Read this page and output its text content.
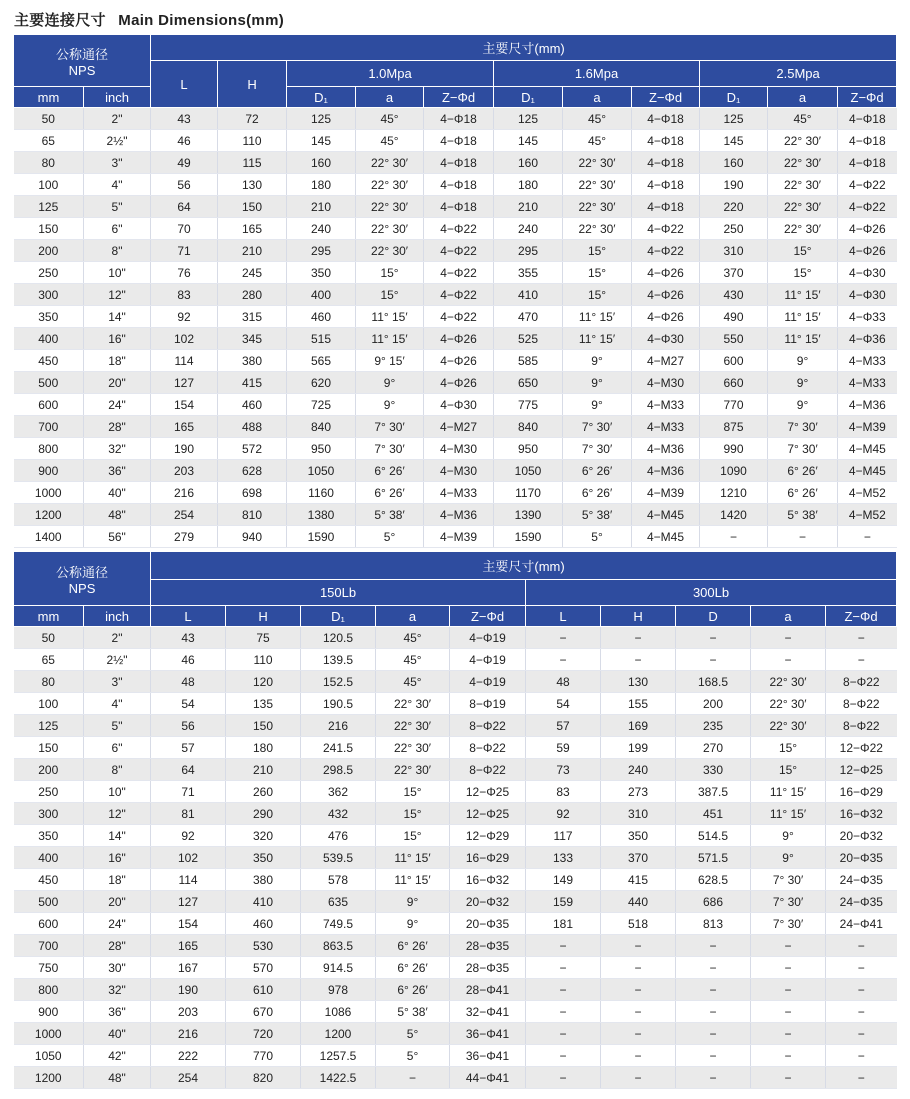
主要连接尺寸 Main Dimensions(mm)
公称通径
NPS		主要尺寸(mm)										
		L	H	1.0Mpa			1.6Mpa			2.5Mpa		
mm	inch			D₁	a	Z−Φd	D₁	a	Z−Φd	D₁	a	Z−Φd
50	2"	43	72	125	45°	4−Φ18	125	45°	4−Φ18	125	45°	4−Φ18
65	2½"	46	110	145	45°	4−Φ18	145	45°	4−Φ18	145	22° 30′	4−Φ18
80	3"	49	115	160	22° 30′	4−Φ18	160	22° 30′	4−Φ18	160	22° 30′	4−Φ18
100	4"	56	130	180	22° 30′	4−Φ18	180	22° 30′	4−Φ18	190	22° 30′	4−Φ22
125	5"	64	150	210	22° 30′	4−Φ18	210	22° 30′	4−Φ18	220	22° 30′	4−Φ22
150	6"	70	165	240	22° 30′	4−Φ22	240	22° 30′	4−Φ22	250	22° 30′	4−Φ26
200	8"	71	210	295	22° 30′	4−Φ22	295	15°	4−Φ22	310	15°	4−Φ26
250	10"	76	245	350	15°	4−Φ22	355	15°	4−Φ26	370	15°	4−Φ30
300	12"	83	280	400	15°	4−Φ22	410	15°	4−Φ26	430	11° 15′	4−Φ30
350	14"	92	315	460	11° 15′	4−Φ22	470	11° 15′	4−Φ26	490	11° 15′	4−Φ33
400	16"	102	345	515	11° 15′	4−Φ26	525	11° 15′	4−Φ30	550	11° 15′	4−Φ36
450	18"	114	380	565	9° 15′	4−Φ26	585	9°	4−M27	600	9°	4−M33
500	20"	127	415	620	9°	4−Φ26	650	9°	4−M30	660	9°	4−M33
600	24"	154	460	725	9°	4−Φ30	775	9°	4−M33	770	9°	4−M36
700	28"	165	488	840	7° 30′	4−M27	840	7° 30′	4−M33	875	7° 30′	4−M39
800	32"	190	572	950	7° 30′	4−M30	950	7° 30′	4−M36	990	7° 30′	4−M45
900	36"	203	628	1050	6° 26′	4−M30	1050	6° 26′	4−M36	1090	6° 26′	4−M45
1000	40"	216	698	1160	6° 26′	4−M33	1170	6° 26′	4−M39	1210	6° 26′	4−M52
1200	48"	254	810	1380	5° 38′	4−M36	1390	5° 38′	4−M45	1420	5° 38′	4−M52
1400	56"	279	940	1590	5°	4−M39	1590	5°	4−M45	−	−	−
公称通径
NPS		主要尺寸(mm)									
		150Lb					300Lb				
mm	inch	L	H	D₁	a	Z−Φd	L	H	D	a	Z−Φd
50	2"	43	75	120.5	45°	4−Φ19	−	−	−	−	−
65	2½"	46	110	139.5	45°	4−Φ19	−	−	−	−	−
80	3"	48	120	152.5	45°	4−Φ19	48	130	168.5	22° 30′	8−Φ22
100	4"	54	135	190.5	22° 30′	8−Φ19	54	155	200	22° 30′	8−Φ22
125	5"	56	150	216	22° 30′	8−Φ22	57	169	235	22° 30′	8−Φ22
150	6"	57	180	241.5	22° 30′	8−Φ22	59	199	270	15°	12−Φ22
200	8"	64	210	298.5	22° 30′	8−Φ22	73	240	330	15°	12−Φ25
250	10"	71	260	362	15°	12−Φ25	83	273	387.5	11° 15′	16−Φ29
300	12"	81	290	432	15°	12−Φ25	92	310	451	11° 15′	16−Φ32
350	14"	92	320	476	15°	12−Φ29	117	350	514.5	9°	20−Φ32
400	16"	102	350	539.5	11° 15′	16−Φ29	133	370	571.5	9°	20−Φ35
450	18"	114	380	578	11° 15′	16−Φ32	149	415	628.5	7° 30′	24−Φ35
500	20"	127	410	635	9°	20−Φ32	159	440	686	7° 30′	24−Φ35
600	24"	154	460	749.5	9°	20−Φ35	181	518	813	7° 30′	24−Φ41
700	28"	165	530	863.5	6° 26′	28−Φ35	−	−	−	−	−
750	30"	167	570	914.5	6° 26′	28−Φ35	−	−	−	−	−
800	32"	190	610	978	6° 26′	28−Φ41	−	−	−	−	−
900	36"	203	670	1086	5° 38′	32−Φ41	−	−	−	−	−
1000	40"	216	720	1200	5°	36−Φ41	−	−	−	−	−
1050	42"	222	770	1257.5	5°	36−Φ41	−	−	−	−	−
1200	48"	254	820	1422.5	−	44−Φ41	−	−	−	−	−
